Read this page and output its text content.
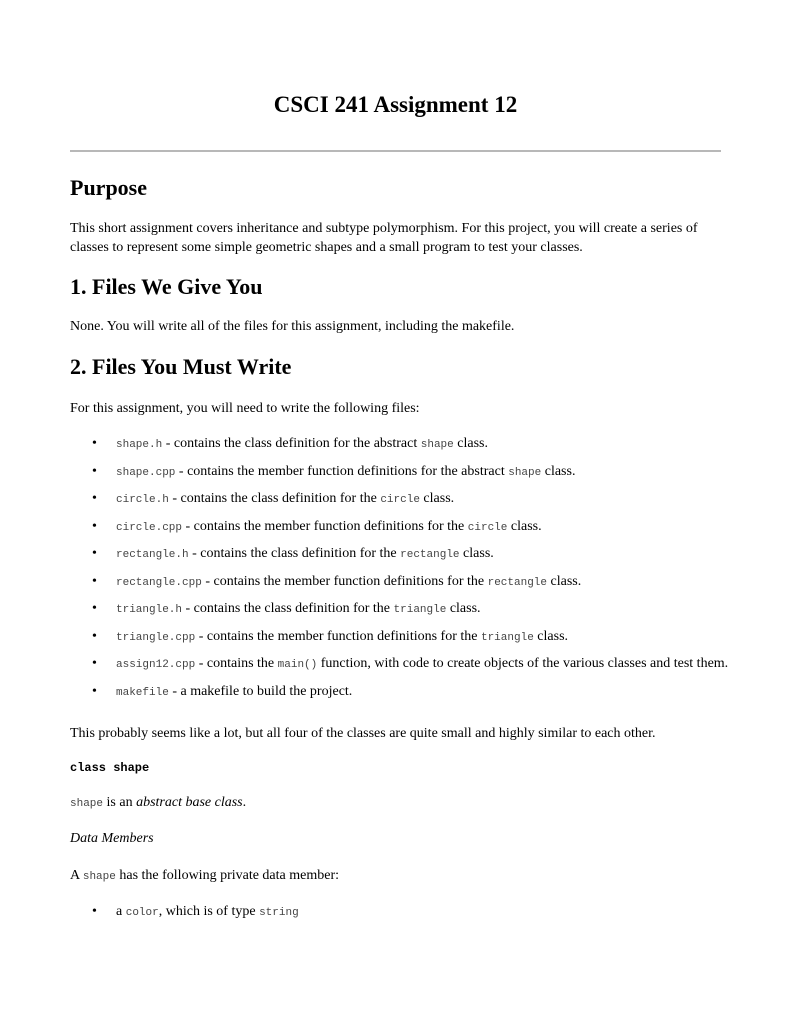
CSCI 241 Assignment 12
Purpose

This short assignment covers inheritance and subtype polymorphism. For this project, you will create a series of classes to represent some simple geometric shapes and a small program to test your classes.

1. Files We Give You

None. You will write all of the files for this assignment, including the makefile.

2. Files You Must Write

For this assignment, you will need to write the following files:

• shape.h - contains the class definition for the abstract shape class.
• shape.cpp - contains the member function definitions for the abstract shape class.
• circle.h - contains the class definition for the circle class.
• circle.cpp - contains the member function definitions for the circle class.
• rectangle.h - contains the class definition for the rectangle class.
• rectangle.cpp - contains the member function definitions for the rectangle class.
• triangle.h - contains the class definition for the triangle class.
• triangle.cpp - contains the member function definitions for the triangle class.
• assign12.cpp - contains the main() function, with code to create objects of the various classes and test them.
• makefile - a makefile to build the project.

This probably seems like a lot, but all four of the classes are quite small and highly similar to each other.

class shape

shape is an abstract base class.

Data Members

A shape has the following private data member:

• a color, which is of type string
